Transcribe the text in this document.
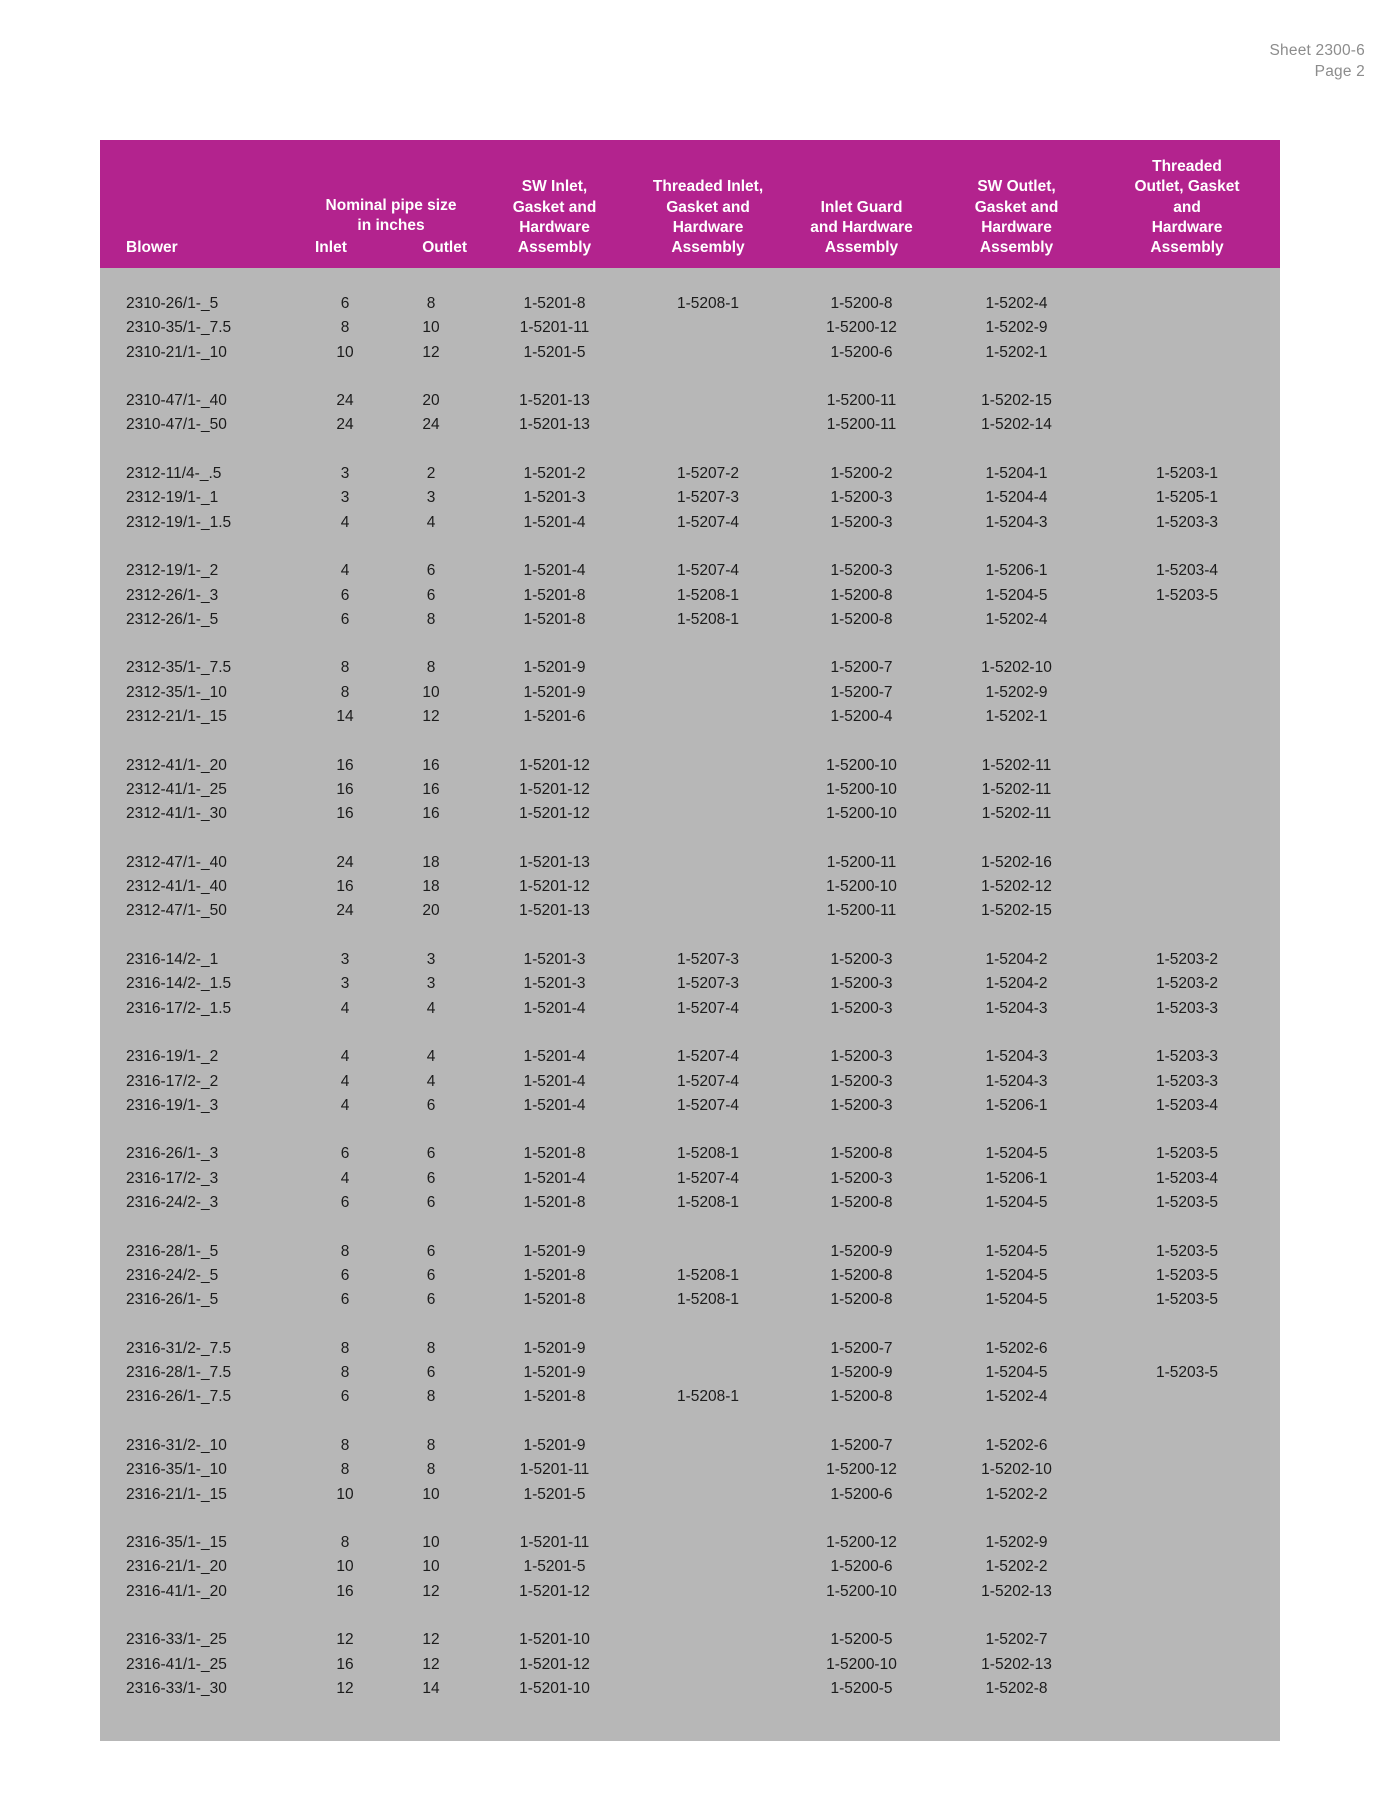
Sheet 2300-6
Page 2
Blower	Nominal pipe size
in inches
Inlet Outlet		SW Inlet,
Gasket and
Hardware
Assembly	Threaded Inlet,
Gasket and
Hardware
Assembly	Inlet Guard
and Hardware
Assembly	SW Outlet,
Gasket and
Hardware
Assembly	Threaded
Outlet, Gasket
and
Hardware
Assembly

2310-26/1-_5	6	8	1-5201-8	1-5208-1	1-5200-8	1-5202-4	
2310-35/1-_7.5	8	10	1-5201-11		1-5200-12	1-5202-9	
2310-21/1-_10	10	12	1-5201-5		1-5200-6	1-5202-1	

2310-47/1-_40	24	20	1-5201-13		1-5200-11	1-5202-15	
2310-47/1-_50	24	24	1-5201-13		1-5200-11	1-5202-14	

2312-11/4-_.5	3	2	1-5201-2	1-5207-2	1-5200-2	1-5204-1	1-5203-1
2312-19/1-_1	3	3	1-5201-3	1-5207-3	1-5200-3	1-5204-4	1-5205-1
2312-19/1-_1.5	4	4	1-5201-4	1-5207-4	1-5200-3	1-5204-3	1-5203-3

2312-19/1-_2	4	6	1-5201-4	1-5207-4	1-5200-3	1-5206-1	1-5203-4
2312-26/1-_3	6	6	1-5201-8	1-5208-1	1-5200-8	1-5204-5	1-5203-5
2312-26/1-_5	6	8	1-5201-8	1-5208-1	1-5200-8	1-5202-4	

2312-35/1-_7.5	8	8	1-5201-9		1-5200-7	1-5202-10	
2312-35/1-_10	8	10	1-5201-9		1-5200-7	1-5202-9	
2312-21/1-_15	14	12	1-5201-6		1-5200-4	1-5202-1	

2312-41/1-_20	16	16	1-5201-12		1-5200-10	1-5202-11	
2312-41/1-_25	16	16	1-5201-12		1-5200-10	1-5202-11	
2312-41/1-_30	16	16	1-5201-12		1-5200-10	1-5202-11	

2312-47/1-_40	24	18	1-5201-13		1-5200-11	1-5202-16	
2312-41/1-_40	16	18	1-5201-12		1-5200-10	1-5202-12	
2312-47/1-_50	24	20	1-5201-13		1-5200-11	1-5202-15	

2316-14/2-_1	3	3	1-5201-3	1-5207-3	1-5200-3	1-5204-2	1-5203-2
2316-14/2-_1.5	3	3	1-5201-3	1-5207-3	1-5200-3	1-5204-2	1-5203-2
2316-17/2-_1.5	4	4	1-5201-4	1-5207-4	1-5200-3	1-5204-3	1-5203-3

2316-19/1-_2	4	4	1-5201-4	1-5207-4	1-5200-3	1-5204-3	1-5203-3
2316-17/2-_2	4	4	1-5201-4	1-5207-4	1-5200-3	1-5204-3	1-5203-3
2316-19/1-_3	4	6	1-5201-4	1-5207-4	1-5200-3	1-5206-1	1-5203-4

2316-26/1-_3	6	6	1-5201-8	1-5208-1	1-5200-8	1-5204-5	1-5203-5
2316-17/2-_3	4	6	1-5201-4	1-5207-4	1-5200-3	1-5206-1	1-5203-4
2316-24/2-_3	6	6	1-5201-8	1-5208-1	1-5200-8	1-5204-5	1-5203-5

2316-28/1-_5	8	6	1-5201-9		1-5200-9	1-5204-5	1-5203-5
2316-24/2-_5	6	6	1-5201-8	1-5208-1	1-5200-8	1-5204-5	1-5203-5
2316-26/1-_5	6	6	1-5201-8	1-5208-1	1-5200-8	1-5204-5	1-5203-5

2316-31/2-_7.5	8	8	1-5201-9		1-5200-7	1-5202-6	
2316-28/1-_7.5	8	6	1-5201-9		1-5200-9	1-5204-5	1-5203-5
2316-26/1-_7.5	6	8	1-5201-8	1-5208-1	1-5200-8	1-5202-4	

2316-31/2-_10	8	8	1-5201-9		1-5200-7	1-5202-6	
2316-35/1-_10	8	8	1-5201-11		1-5200-12	1-5202-10	
2316-21/1-_15	10	10	1-5201-5		1-5200-6	1-5202-2	

2316-35/1-_15	8	10	1-5201-11		1-5200-12	1-5202-9	
2316-21/1-_20	10	10	1-5201-5		1-5200-6	1-5202-2	
2316-41/1-_20	16	12	1-5201-12		1-5200-10	1-5202-13	

2316-33/1-_25	12	12	1-5201-10		1-5200-5	1-5202-7	
2316-41/1-_25	16	12	1-5201-12		1-5200-10	1-5202-13	
2316-33/1-_30	12	14	1-5201-10		1-5200-5	1-5202-8	
